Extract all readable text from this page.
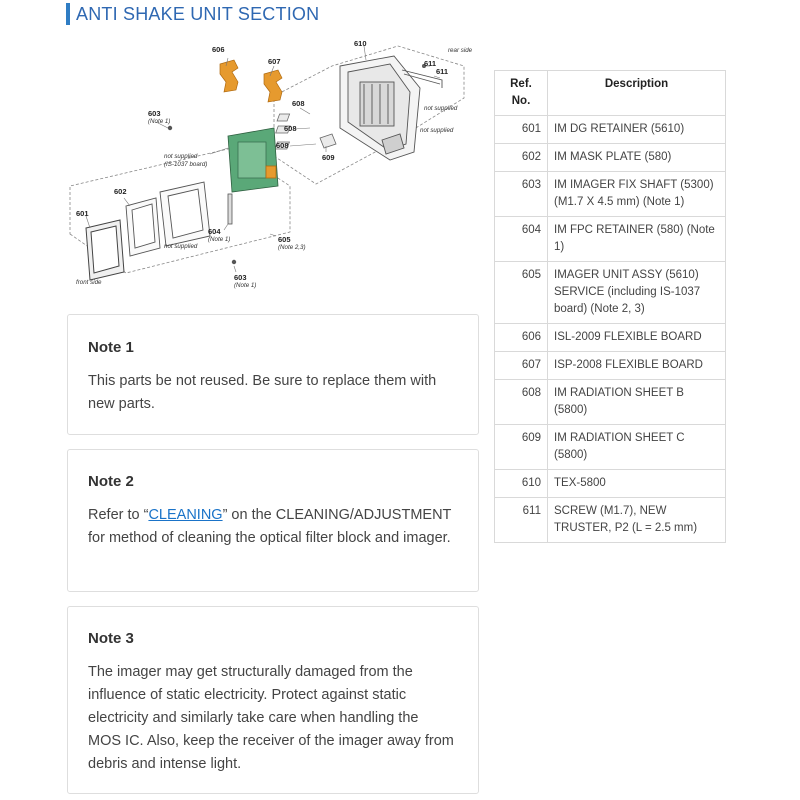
ANTI SHAKE UNIT SECTION
606
607
610
611
611
608
608
608
609
603
602
601
604
605
603
rear side
not supplied
not supplied
(Note 1)
not supplied
(IS-1037 board)
not supplied
(Note 1)
(Note 2,3)
front side	(Note 1)
Ref. No.	Description
601	IM DG RETAINER (5610)
602	IM MASK PLATE (580)
603	IM IMAGER FIX SHAFT (5300) (M1.7 X 4.5 mm) (Note 1)
604	IM FPC RETAINER (580) (Note 1)
605	IMAGER UNIT ASSY (5610) SERVICE (including IS-1037 board) (Note 2, 3)
606	ISL-2009 FLEXIBLE BOARD
607	ISP-2008 FLEXIBLE BOARD
608	IM RADIATION SHEET B (5800)
609	IM RADIATION SHEET C (5800)
610	TEX-5800
611	SCREW (M1.7), NEW TRUSTER, P2 (L = 2.5 mm)
Note 1

This parts be not reused. Be sure to replace them with new parts.

Note 2

Refer to “CLEANING” on the CLEANING/ADJUSTMENT for method of cleaning the optical filter block and imager.

Note 3

The imager may get structurally damaged from the influence of static electricity. Protect against static electricity and similarly take care when handling the MOS IC. Also, keep the receiver of the imager away from debris and intense light.
